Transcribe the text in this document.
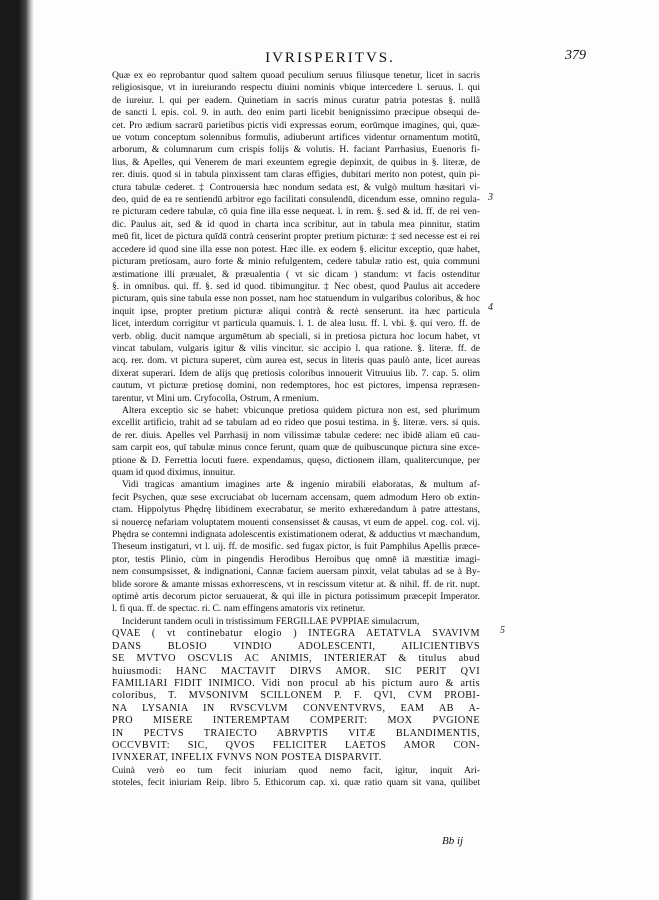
IVRISPERITVS.	379
3
4
5
Quæ ex eo reprobantur quod saltem quoad peculium seruus filiusque tenetur, licet in sacris
religiosisque, vt in iureiurando respectu diuini nominis vbique intercedere l. seruus. l. qui
de iureiur. l. qui per eadem. Quinetiam in sacris minus curatur patria potestas §. nullâ
de sancti l. epis. col. 9. in auth. deo enim parti licebit benignissimo præcipue obsequi de-
cet. Pro ædium sacrarū parietibus pictis vidi expressas eorum, eorūmque imagines, qui, quæ-
ue votum conceptum solennibus formulis, adiuberunt artifices videntur ornamentum motitū,
arborum, & columnarum cum crispis folijs & volutis. H. faciant Parrhasius, Euenoris fi-
lius, & Apelles, qui Venerem de mari exeuntem egregie depinxit, de quibus in §. literæ, de
rer. diuis. quod si in tabula pinxissent tam claras effigies, dubitari merito non potest, quin pi-
ctura tabulæ cederet. ‡ Controuersia hæc nondum sedata est, & vulgò multum hæsitari vi-
deo, quid de ea re sentiendū arbitror ego facilitati consulendū, dicendum esse, omnino regula-
re picturam cedere tabulæ, cō quia fine illa esse nequeat. l. in rem. §. sed & id. ff. de rei ven-
dic. Paulus ait, sed & id quod in charta inca scribitur, aut in tabula mea pinnitur, statim
meū fit, licet de pictura quīdā contrà censerint propter pretium picturæ: ‡ sed necesse est ei rei
accedere id quod sine illa esse non potest. Hæc ille. ex eodem §. elicitur exceptio, quæ habet,
picturam pretiosam, auro forte & minio refulgentem, cedere tabulæ ratio est, quia communi
æstimatione illi præualet, & præualentia ( vt sic dicam ) standum: vt facis ostenditur
§. in omnibus. qui. ff. §. sed id quod. tibimungitur. ‡ Nec obest, quod Paulus ait accedere
picturam, quis sine tabula esse non posset, nam hoc statuendum in vulgaribus coloribus, & hoc
inquit ipse, propter pretium picturæ aliqui contrà & rectè senserunt. ita hæc particula
licet, interdum corrigitur vt particula quamuis. l. 1. de alea lusu. ff. l. vbi. §. qui vero. ff. de
verb. oblig. ducit namque argumētum ab speciali, si in pretiosa pictura hoc locum habet, vt
vincat tabulam, vulgaris igitur & vilis vincitur. sic accipio l. qua ratione. §. literæ. ff. de
acq. rer. dom. vt pictura superet, cùm aurea est, secus in literis quas paulò ante, licet aureas
dixerat superari. Idem de alijs quę pretiosis coloribus innouerit Vitruuius lib. 7. cap. 5. olim
cautum, vt picturæ pretiosę domini, non redemptores, hoc est pictores, impensa repræsen-
tarentur, vt Mini um. Cryfocolla, Ostrum, A rmenium.
Altera exceptio sic se habet: vbicunque pretiosa quidem pictura non est, sed plurimum
excellit artificio, trahit ad se tabulam ad eo rideo que posui testima. in §. literæ. vers. si quis.
de rer. diuis. Apelles vel Parrhasij in nom vilissimæ tabulæ cedere: nec ibidē aliam eū cau-
sam carpit eos, quī tabulæ minus conce ferunt, quam quæ de quibuscunque pictura sine exce-
ptione & D. Ferrettia locuti fuere. expendamus, quęso, dictionem illam, qualitercunque, per
quam id quod diximus, innuitur.
Vidi tragicas amantium imagines arte & ingenio mirabili elaboratas, & multum af-
fecit Psychen, quæ sese excruciabat ob lucernam accensam, quem admodum Hero ob extin-
ctam. Hippolytus Phędrę libidinem execrabatur, se merito exhæredandum à patre attestans,
si nouercę nefariam voluptatem mouenti consensisset & causas, vt eum de appel. cog. col. vij.
Phędra se contemni indignata adolescentis existimationem oderat, & adductius vt mæchandum,
Theseum instigaturi, vt l. uij. ff. de mosific. sed fugax pictor, is fuit Pamphilus Apellis præce-
ptor, testis Plinio, cùm in pingendis Herodibus Heroibus quę omnē iā mæstitiæ imagi-
nem consumpsisset, & indignationi, Cannæ faciem auersam pinxit, velat tabulas ad se à By-
blide sorore & amante missas exhorrescens, vt in rescissum vitetur at. & nihil. ff. de rit. nupt.
optimè artis decorum pictor seruauerat, & qui ille in pictura potissimum præcepit Imperator.
l. fi qua. ff. de spectac. ri. C. nam effingens amatoris vix retinetur.
Inciderunt tandem oculi in tristissimum FERGILLAE PVPPIAE simulacrum,
QVAE ( vt continebatur elogio ) INTEGRA AETATVLA SVAVIVM
DANS BLOSIO VINDIO ADOLESCENTI, AILICIENTIBVS
SE MVTVO OSCVLIS AC ANIMIS, INTERIERAT & titulus abud
huiusmodi: HANC MACTAVIT DIRVS AMOR. SIC PERIT QVI
FAMILIARI FIDIT INIMICO. Vidi non procul ab his pictum auro & artis
coloribus, T. MVSONIVM SCILLONEM P. F. QVI, CVM PROBI-
NA LYSANIA IN RVSCVLVM CONVENTVRVS, EAM AB A-
PRO MISERE INTEREMPTAM COMPERIT: MOX PVGIONE
IN PECTVS TRAIECTO ABRVPTIS VITÆ BLANDIMENTIS,
OCCVBVIT: SIC, QVOS FELICITER LAETOS AMOR CON-
IVNXERAT, INFELIX FVNVS NON POSTEA DISPARVIT.
Cuinà verò eo tum fecit iniuriam quod nemo facit, igitur, inquit Ari-
stoteles, fecit iniuriam Reip. libro 5. Ethicorum cap. xi. quæ ratio quam sit vana, quilibet
Bb ij
